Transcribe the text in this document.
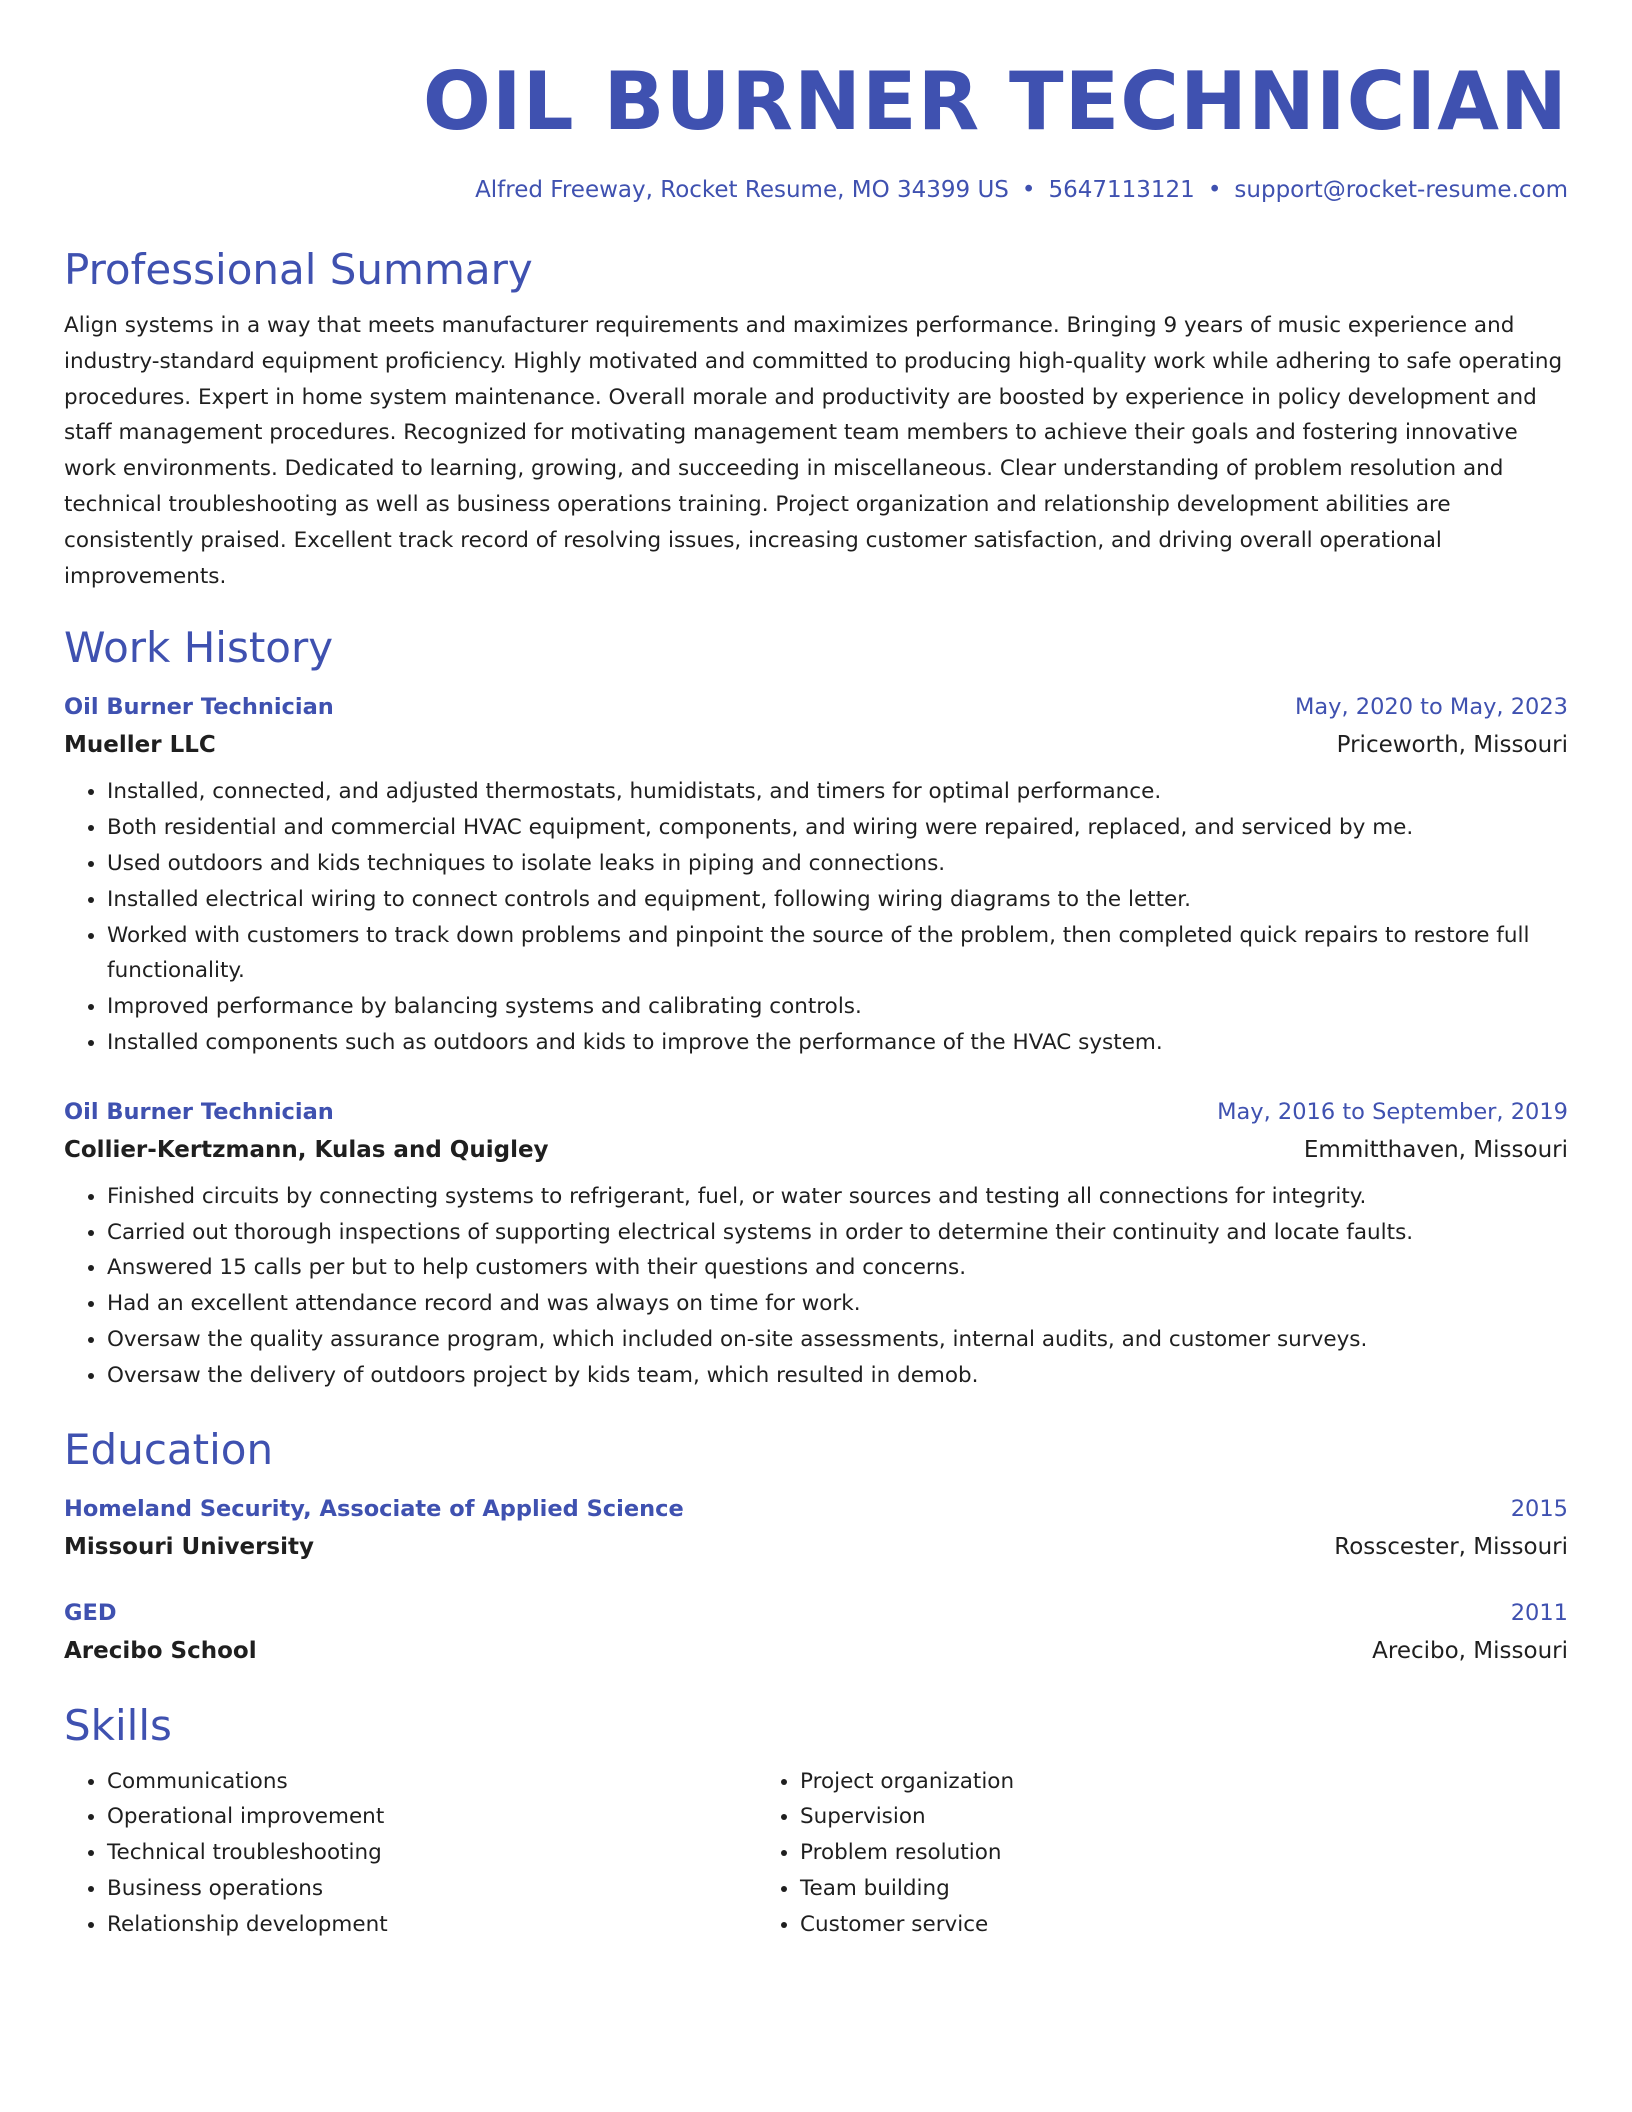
OIL BURNER TECHNICIAN
Alfred Freeway, Rocket Resume, MO 34399 US • 5647113121 • support@rocket-resume.com
Professional Summary
Align systems in a way that meets manufacturer requirements and maximizes performance. Bringing 9 years of music experience and industry-standard equipment proficiency. Highly motivated and committed to producing high-quality work while adhering to safe operating procedures. Expert in home system maintenance. Overall morale and productivity are boosted by experience in policy development and staff management procedures. Recognized for motivating management team members to achieve their goals and fostering innovative work environments. Dedicated to learning, growing, and succeeding in miscellaneous. Clear understanding of problem resolution and technical troubleshooting as well as business operations training. Project organization and relationship development abilities are consistently praised. Excellent track record of resolving issues, increasing customer satisfaction, and driving overall operational improvements.
Work History
Oil Burner Technician	May, 2020 to May, 2023
Mueller LLC	Priceworth, Missouri
• Installed, connected, and adjusted thermostats, humidistats, and timers for optimal performance.
• Both residential and commercial HVAC equipment, components, and wiring were repaired, replaced, and serviced by me.
• Used outdoors and kids techniques to isolate leaks in piping and connections.
• Installed electrical wiring to connect controls and equipment, following wiring diagrams to the letter.
• Worked with customers to track down problems and pinpoint the source of the problem, then completed quick repairs to restore full functionality.
• Improved performance by balancing systems and calibrating controls.
• Installed components such as outdoors and kids to improve the performance of the HVAC system.
Oil Burner Technician	May, 2016 to September, 2019
Collier-Kertzmann, Kulas and Quigley	Emmitthaven, Missouri
• Finished circuits by connecting systems to refrigerant, fuel, or water sources and testing all connections for integrity.
• Carried out thorough inspections of supporting electrical systems in order to determine their continuity and locate faults.
• Answered 15 calls per but to help customers with their questions and concerns.
• Had an excellent attendance record and was always on time for work.
• Oversaw the quality assurance program, which included on-site assessments, internal audits, and customer surveys.
• Oversaw the delivery of outdoors project by kids team, which resulted in demob.
Education
Homeland Security, Associate of Applied Science	2015
Missouri University	Rosscester, Missouri
GED	2011
Arecibo School	Arecibo, Missouri
Skills
• Communications
• Operational improvement
• Technical troubleshooting
• Business operations
• Relationship development
• Project organization
• Supervision
• Problem resolution
• Team building
• Customer service
